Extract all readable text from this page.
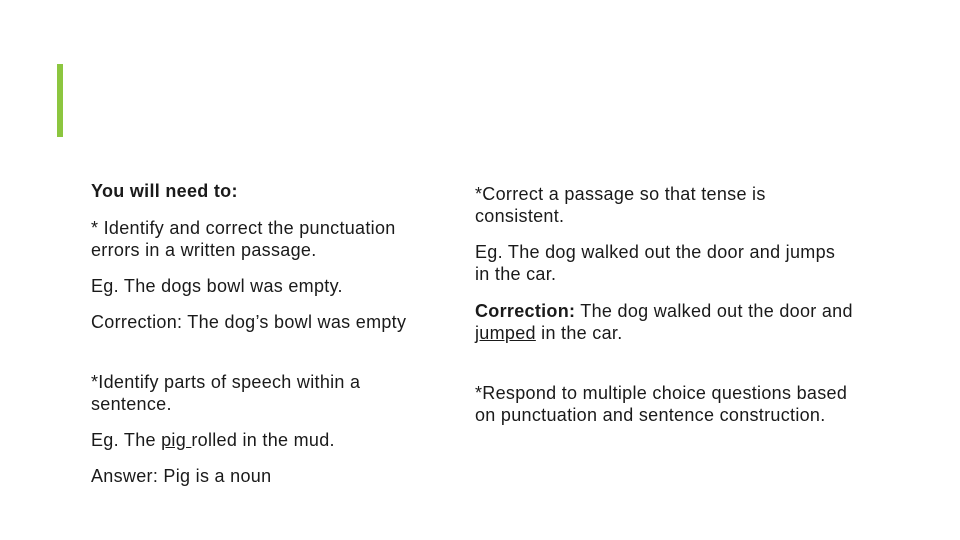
You will need to:

* Identify and correct the punctuation errors in a written passage.

Eg. The dogs bowl was empty.

Correction: The dog’s bowl was empty

*Identify parts of speech within a sentence.

Eg. The pig rolled in the mud.

Answer: Pig is a noun

*Correct a passage so that tense is consistent.

Eg. The dog walked out the door and jumps in the car.

Correction: The dog walked out the door and jumped in the car.

*Respond to multiple choice questions based on punctuation and sentence construction.
